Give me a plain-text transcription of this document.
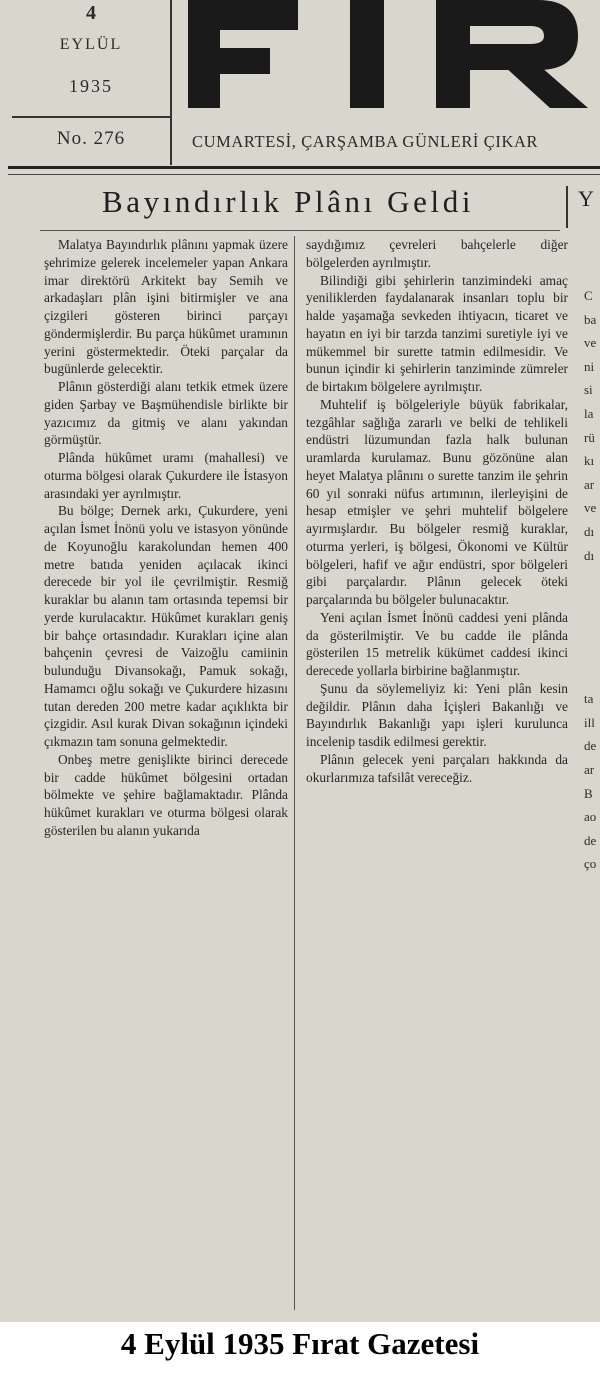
4
EYLÜL
1935
No. 276	CUMARTESİ, ÇARŞAMBA GÜNLERİ ÇIKAR
Bayındırlık Plânı Geldi	Y

Malatya Bayındırlık plânını yapmak üzere şehrimize gelerek incelemeler yapan Ankara imar direktörü Arkitekt bay Semih ve arkadaşları plân işini bitirmişler ve ana çizgileri gösteren birinci parçayı göndermişlerdir. Bu parça hükûmet uramının yerini göstermektedir. Öteki parçalar da bugünlerde gelecektir.

Plânın gösterdiği alanı tetkik etmek üzere giden Şarbay ve Başmühendisle birlikte bir yazıcımız da gitmiş ve alanı yakından görmüştür.

Plânda hükûmet uramı (mahallesi) ve oturma bölgesi olarak Çukurdere ile İstasyon arasındaki yer ayrılmıştır.

Bu bölge; Dernek arkı, Çukurdere, yeni açılan İsmet İnönü yolu ve istasyon yönünde de Koyunoğlu karakolundan hemen 400 metre batıda yeniden açılacak ikinci derecede bir yol ile çevrilmiştir. Resmiğ kuraklar bu alanın tam ortasında tepemsi bir yerde kurulacaktır. Hükûmet kurakları geniş bir bahçe ortasındadır. Kurakları içine alan bahçenin çevresi de Vaizoğlu camiinin bulunduğu Divansokağı, Pamuk sokağı, Hamamcı oğlu sokağı ve Çukurdere hizasını tutan dereden 200 metre kadar açıklıkta bir çizgidir. Asıl kurak Divan sokağının içindeki çıkmazın tam sonuna gelmektedir.

Onbeş metre genişlikte birinci derecede bir cadde hükûmet bölgesini ortadan bölmekte ve şehire bağlamaktadır. Plânda hükûmet kurakları ve oturma bölgesi olarak gösterilen bu alanın yukarıda

saydığımız çevreleri bahçelerle diğer bölgelerden ayrılmıştır.

Bilindiği gibi şehirlerin tanzimindeki amaç yeniliklerden faydalanarak insanları toplu bir halde yaşamağa sevkeden ihtiyacın, ticaret ve hayatın en iyi bir tarzda tanzimi suretiyle iyi ve mükemmel bir surette tatmin edilmesidir. Ve bunun içindir ki şehirlerin tanziminde zümreler de birtakım bölgelere ayrılmıştır.

Muhtelif iş bölgeleriyle büyük fabrikalar, tezgâhlar sağlığa zararlı ve belki de tehlikeli endüstri lüzumundan fazla halk bulunan uramlarda kurulamaz. Bunu gözönüne alan heyet Malatya plânını o surette tanzim ile şehrin 60 yıl sonraki nüfus artımının, ilerleyişini de hesap etmişler ve şehri muhtelif bölgelere ayırmışlardır. Bu bölgeler resmiğ kuraklar, oturma yerleri, iş bölgesi, Ökonomi ve Kültür bölgeleri, hafif ve ağır endüstri, spor bölgeleri gibi parçalardır. Plânın gelecek öteki parçalarında bu bölgeler bulunacaktır.

Yeni açılan İsmet İnönü caddesi yeni plânda da gösterilmiştir. Ve bu cadde ile plânda gösterilen 15 metrelik kükümet caddesi ikinci derecede yollarla birbirine bağlanmıştır.

Şunu da söylemeliyiz ki: Yeni plân kesin değildir. Plânın daha İçişleri Bakanlığı ve Bayındırlık Bakanlığı yapı işleri kurulunca incelenip tasdik edilmesi gerektir.

Plânın gelecek yeni parçaları hakkında da okurlarımıza tafsilât vereceğiz.

C
ba
ve
ni
si
la
rü
kı
ar
ve
dı
dı
ta
ill
de
ar
B
ao
de
ço
4 Eylül 1935 Fırat Gazetesi
